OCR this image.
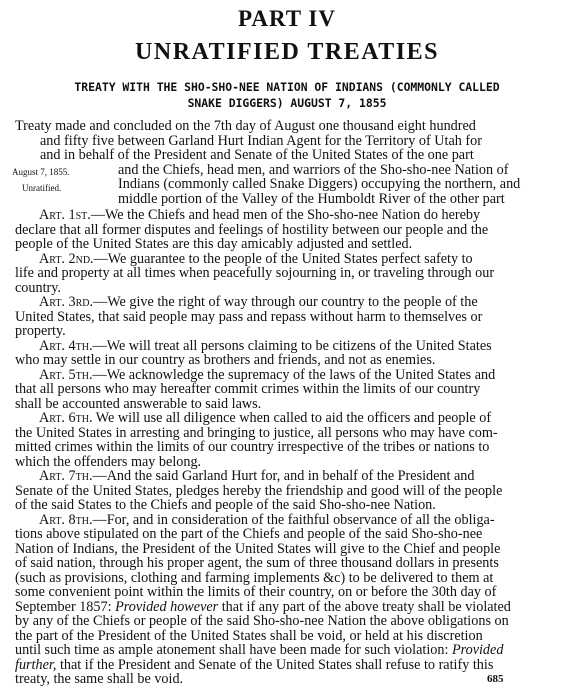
PART IV
UNRATIFIED TREATIES
TREATY WITH THE SHO-SHO-NEE NATION OF INDIANS (COMMONLY CALLED
SNAKE DIGGERS) AUGUST 7, 1855
August 7, 1855.
Unratified.
Treaty made and concluded on the 7th day of August one thousand eight hundred
and fifty five between Garland Hurt Indian Agent for the Territory of Utah for
and in behalf of the President and Senate of the United States of the one part
and the Chiefs, head men, and warriors of the Sho-sho-nee Nation of
Indians (commonly called Snake Diggers) occupying the northern, and
middle portion of the Valley of the Humboldt River of the other part
Art. 1st.—We the Chiefs and head men of the Sho-sho-nee Nation do hereby
declare that all former disputes and feelings of hostility between our people and the
people of the United States are this day amicably adjusted and settled.
Art. 2nd.—We guarantee to the people of the United States perfect safety to
life and property at all times when peacefully sojourning in, or traveling through our
country.
Art. 3rd.—We give the right of way through our country to the people of the
United States, that said people may pass and repass without harm to themselves or
property.
Art. 4th.—We will treat all persons claiming to be citizens of the United States
who may settle in our country as brothers and friends, and not as enemies.
Art. 5th.—We acknowledge the supremacy of the laws of the United States and
that all persons who may hereafter commit crimes within the limits of our country
shall be accounted answerable to said laws.
Art. 6th. We will use all diligence when called to aid the officers and people of
the United States in arresting and bringing to justice, all persons who may have com-
mitted crimes within the limits of our country irrespective of the tribes or nations to
which the offenders may belong.
Art. 7th.—And the said Garland Hurt for, and in behalf of the President and
Senate of the United States, pledges hereby the friendship and good will of the people
of the said States to the Chiefs and people of the said Sho-sho-nee Nation.
Art. 8th.—For, and in consideration of the faithful observance of all the obliga-
tions above stipulated on the part of the Chiefs and people of the said Sho-sho-nee
Nation of Indians, the President of the United States will give to the Chief and people
of said nation, through his proper agent, the sum of three thousand dollars in presents
(such as provisions, clothing and farming implements &c) to be delivered to them at
some convenient point within the limits of their country, on or before the 30th day of
September 1857: Provided however that if any part of the above treaty shall be violated
by any of the Chiefs or people of the said Sho-sho-nee Nation the above obligations on
the part of the President of the United States shall be void, or held at his discretion
until such time as ample atonement shall have been made for such violation: Provided
further, that if the President and Senate of the United States shall refuse to ratify this
treaty, the same shall be void.	685
